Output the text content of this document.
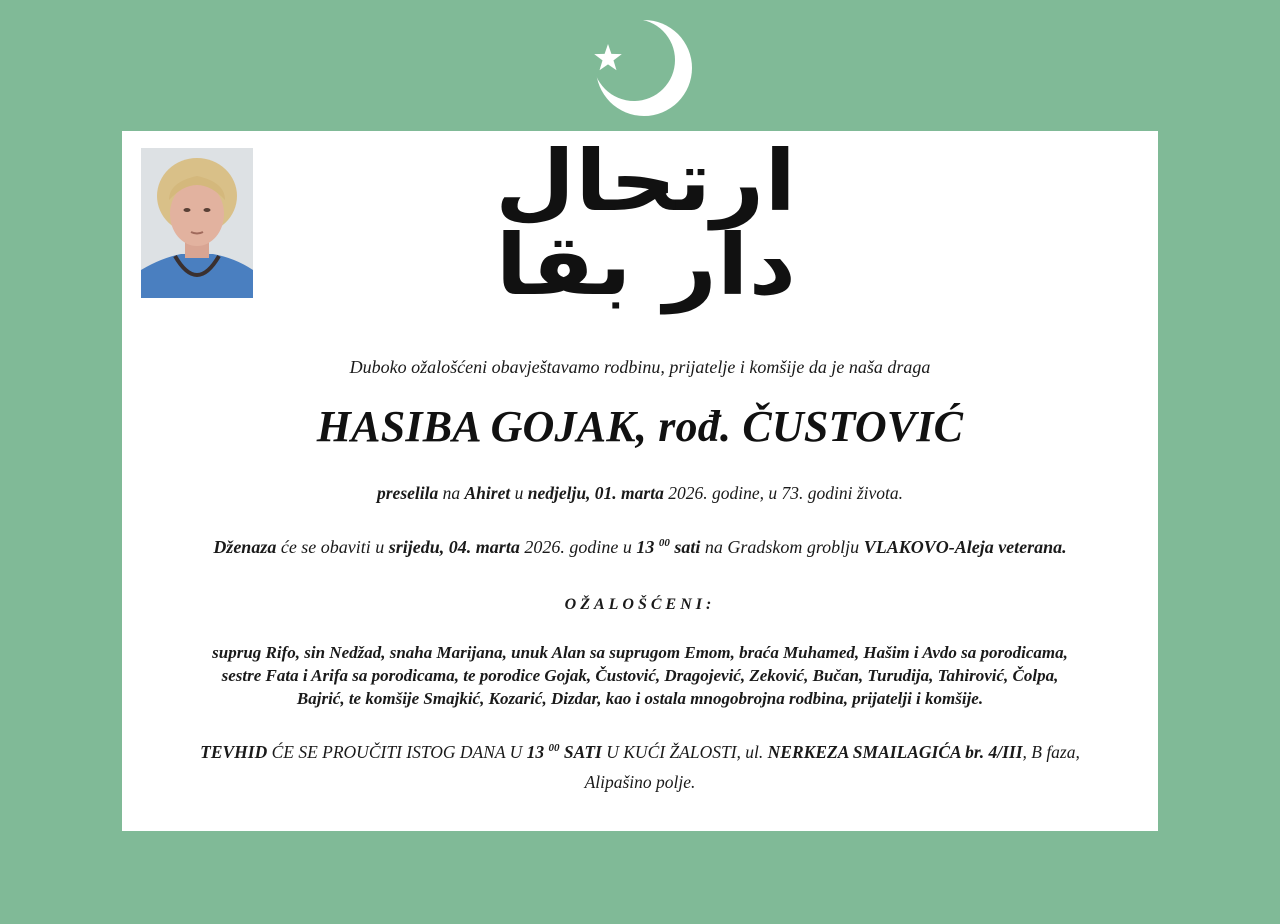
ارتحال دار بقا
Duboko ožalošćeni obavještavamo rodbinu, prijatelje i komšije da je naša draga
HASIBA GOJAK, rođ. ČUSTOVIĆ
preselila na Ahiret u nedjelju, 01. marta 2026. godine, u 73. godini života.
Dženaza će se obaviti u srijedu, 04. marta 2026. godine u 13 $^{00}$ sati na Gradskom groblju VLAKOVO-Aleja veterana.
OŽALOŠĆENI:
suprug Rifo, sin Nedžad, snaha Marijana, unuk Alan sa suprugom Emom, braća Muhamed, Hašim i Avdo sa porodicama,
sestre Fata i Arifa sa porodicama, te porodice Gojak, Čustović, Dragojević, Zeković, Bučan, Turudija, Tahirović, Čolpa,
Bajrić, te komšije Smajkić, Kozarić, Dizdar, kao i ostala mnogobrojna rodbina, prijatelji i komšije.
TEVHID ĆE SE PROUČITI ISTOG DANA U 13 $^{00}$ SATI U KUĆI ŽALOSTI, ul. NERKEZA SMAILAGIĆA br. 4/III, B faza,
Alipašino polje.
